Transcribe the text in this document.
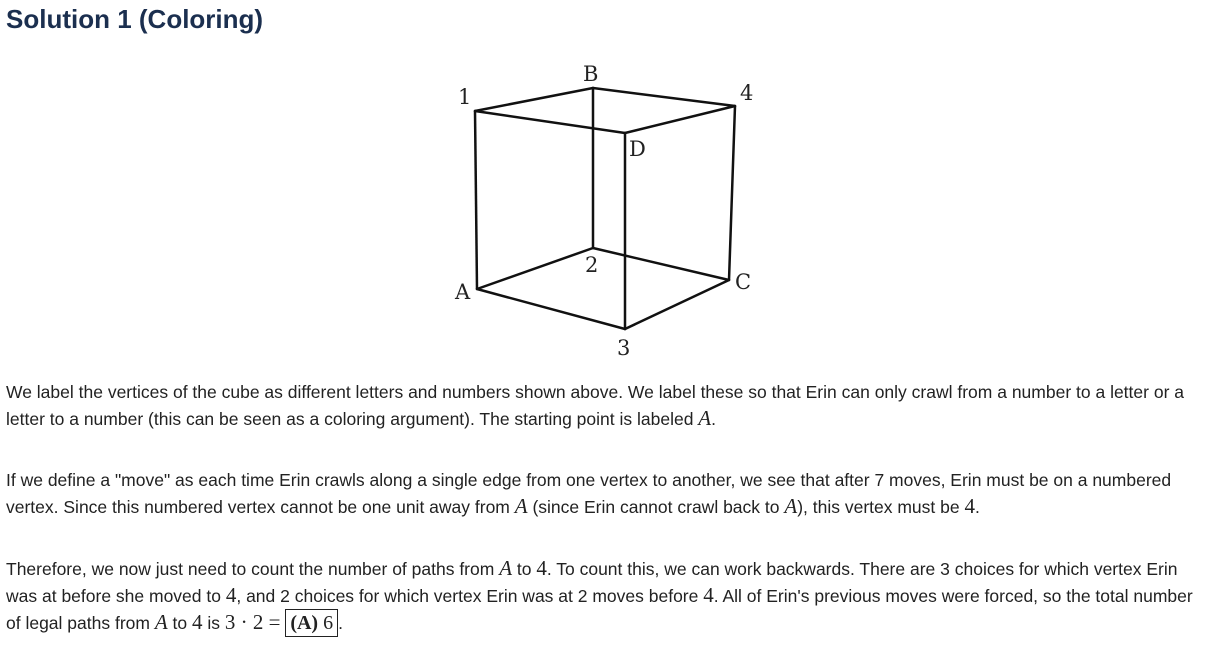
Solution 1 (Coloring)
B
1	4
D
2
A	C
3

We label the vertices of the cube as different letters and numbers shown above. We label these so that Erin can only crawl from a number to a letter or a letter to a number (this can be seen as a coloring argument). The starting point is labeled A.

If we define a "move" as each time Erin crawls along a single edge from one vertex to another, we see that after 7 moves, Erin must be on a numbered vertex. Since this numbered vertex cannot be one unit away from A (since Erin cannot crawl back to A), this vertex must be 4.

Therefore, we now just need to count the number of paths from A to 4. To count this, we can work backwards. There are 3 choices for which vertex Erin was at before she moved to 4, and 2 choices for which vertex Erin was at 2 moves before 4. All of Erin's previous moves were forced, so the total number of legal paths from A to 4 is 3 · 2 = (A) 6 .
